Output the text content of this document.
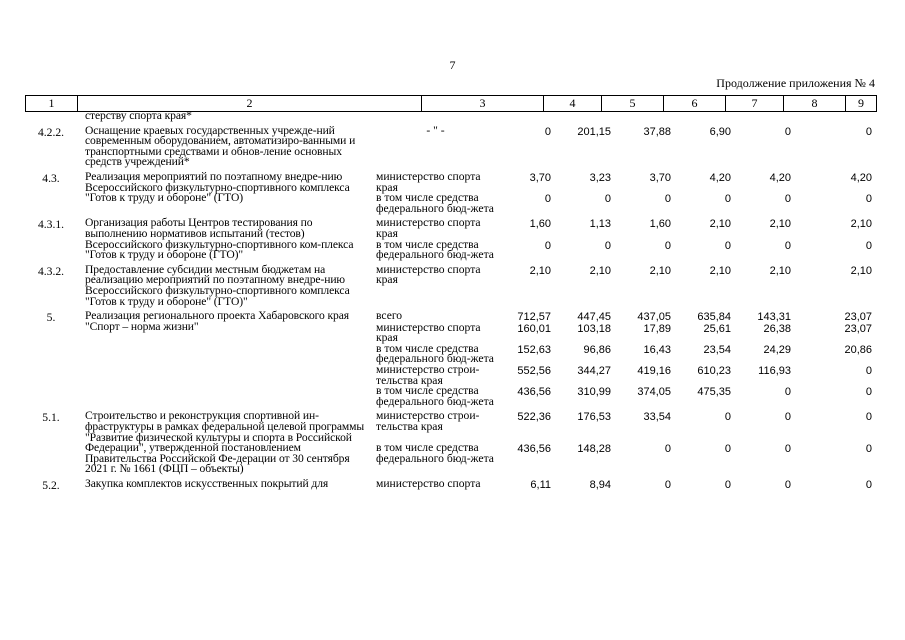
7
Продолжение приложения № 4
1	2	3	4	5	6	7	8	9
	стерству спорта края*							

4.2.2.	Оснащение краевых государственных учрежде-ний современным оборудованием, автоматизиро-ванными и транспортными средствами и обнов-ление основных средств учреждений*	- " -	0	201,15	37,88	6,90	0	0

4.3.	Реализация мероприятий по поэтапному внедре-нию Всероссийского физкультурно-спортивного комплекса "Готов к труду и обороне" (ГТО)	министерство спорта края	3,70	3,23	3,70	4,20	4,20	4,20
		в том числе средства федерального бюд-жета	0	0	0	0	0	0

4.3.1.	Организация работы Центров тестирования по выполнению нормативов испытаний (тестов) Всероссийского физкультурно-спортивного ком-плекса "Готов к труду и обороне (ГТО)"	министерство спорта края	1,60	1,13	1,60	2,10	2,10	2,10
		в том числе средства федерального бюд-жета	0	0	0	0	0	0

4.3.2.	Предоставление субсидии местным бюджетам на реализацию мероприятий по поэтапному внедре-нию Всероссийского физкультурно-спортивного комплекса "Готов к труду и обороне" (ГТО)"	министерство спорта края	2,10	2,10	2,10	2,10	2,10	2,10

5.	Реализация регионального проекта Хабаровского края "Спорт – норма жизни"	всего	712,57	447,45	437,05	635,84	143,31	23,07
		министерство спорта края	160,01	103,18	17,89	25,61	26,38	23,07
		в том числе средства федерального бюд-жета	152,63	96,86	16,43	23,54	24,29	20,86
		министерство строи-тельства края	552,56	344,27	419,16	610,23	116,93	0
		в том числе средства федерального бюд-жета	436,56	310,99	374,05	475,35	0	0

5.1.	Строительство и реконструкция спортивной ин-фраструктуры в рамках федеральной целевой программы "Развитие физической культуры и спорта в Российской Федерации", утвержденной постановлением Правительства Российской Фе-дерации от 30 сентября 2021 г. № 1661 (ФЦП – объекты)	министерство строи-тельства края	522,36	176,53	33,54	0	0	0
		в том числе средства федерального бюд-жета	436,56	148,28	0	0	0	0

5.2.	Закупка комплектов искусственных покрытий для	министерство спорта	6,11	8,94	0	0	0	0
